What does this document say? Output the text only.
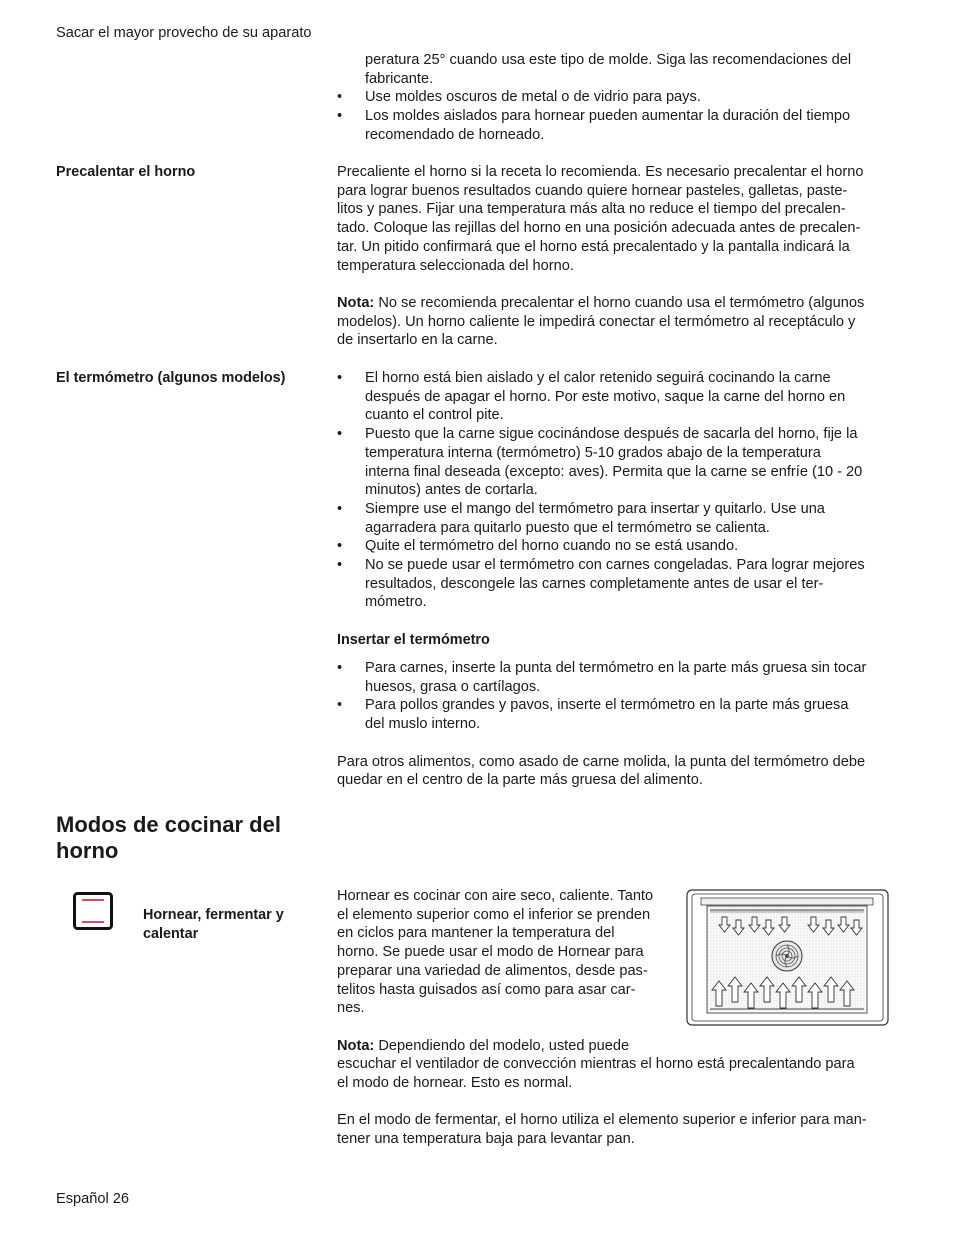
Sacar el mayor provecho de su aparato
peratura 25° cuando usa este tipo de molde. Siga las recomendaciones del
fabricante.
• Use moldes oscuros de metal o de vidrio para pays.
• Los moldes aislados para hornear pueden aumentar la duración del tiempo
recomendado de horneado.
Precalentar el horno	Precaliente el horno si la receta lo recomienda. Es necesario precalentar el horno
para lograr buenos resultados cuando quiere hornear pasteles, galletas, paste-
litos y panes. Fijar una temperatura más alta no reduce el tiempo del precalen-
tado. Coloque las rejillas del horno en una posición adecuada antes de precalen-
tar. Un pitido confirmará que el horno está precalentado y la pantalla indicará la
temperatura seleccionada del horno.
Nota: No se recomienda precalentar el horno cuando usa el termómetro (algunos
modelos). Un horno caliente le impedirá conectar el termómetro al receptáculo y
de insertarlo en la carne.
El termómetro (algunos modelos)
•	El horno está bien aislado y el calor retenido seguirá cocinando la carne
después de apagar el horno. Por este motivo, saque la carne del horno en
cuanto el control pite.
• Puesto que la carne sigue cocinándose después de sacarla del horno, fije la
temperatura interna (termómetro) 5-10 grados abajo de la temperatura
interna final deseada (excepto: aves). Permita que la carne se enfríe (10 - 20
minutos) antes de cortarla.
• Siempre use el mango del termómetro para insertar y quitarlo. Use una
agarradera para quitarlo puesto que el termómetro se calienta.
• Quite el termómetro del horno cuando no se está usando.
• No se puede usar el termómetro con carnes congeladas. Para lograr mejores
resultados, descongele las carnes completamente antes de usar el ter-
mómetro.
Insertar el termómetro
• Para carnes, inserte la punta del termómetro en la parte más gruesa sin tocar
huesos, grasa o cartílagos.
• Para pollos grandes y pavos, inserte el termómetro en la parte más gruesa
del muslo interno.
Para otros alimentos, como asado de carne molida, la punta del termómetro debe
quedar en el centro de la parte más gruesa del alimento.
Modos de cocinar del
horno
Hornear, fermentar y
calentar
Hornear es cocinar con aire seco, caliente. Tanto
el elemento superior como el inferior se prenden
en ciclos para mantener la temperatura del
horno. Se puede usar el modo de Hornear para
preparar una variedad de alimentos, desde pas-
telitos hasta guisados así como para asar car-
nes.
Nota: Dependiendo del modelo, usted puede
escuchar el ventilador de convección mientras el horno está precalentando para
el modo de hornear. Esto es normal.
En el modo de fermentar, el horno utiliza el elemento superior e inferior para man-
tener una temperatura baja para levantar pan.
Español 26
